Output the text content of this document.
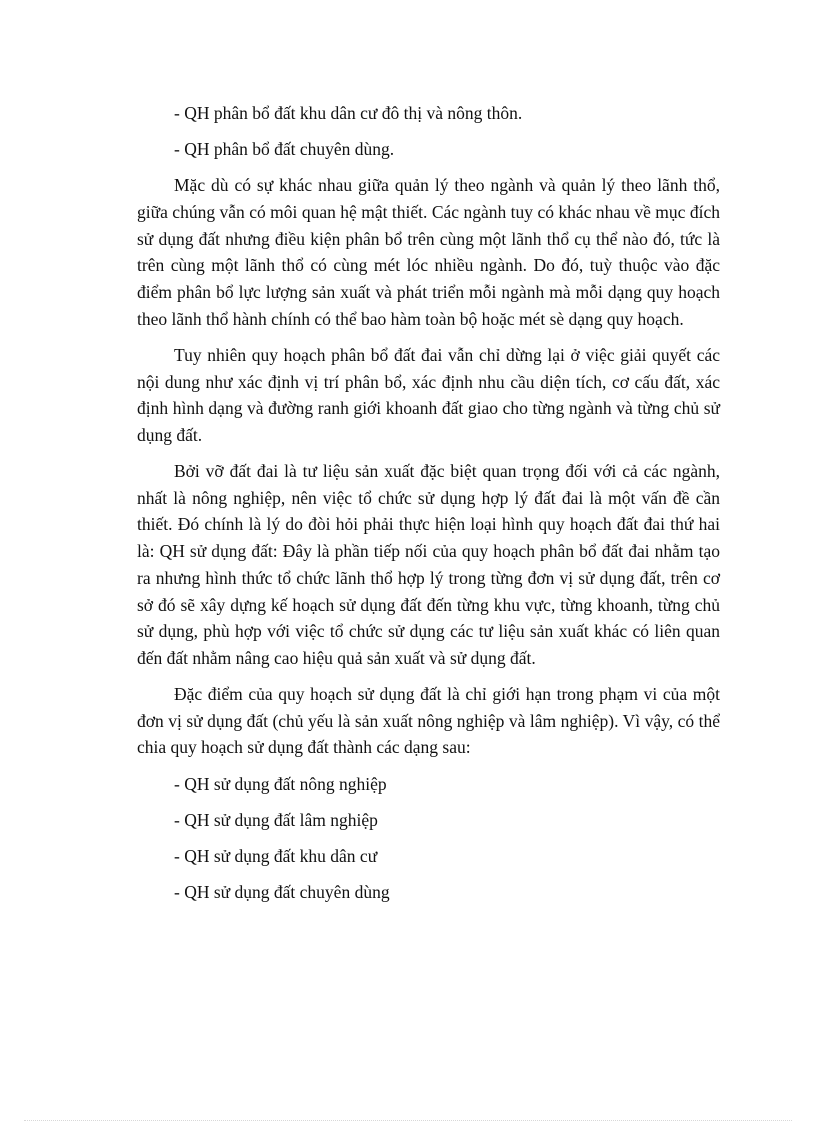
- QH phân bổ đất khu dân cư đô thị và nông thôn.

- QH phân bổ đất chuyên dùng.

Mặc dù có sự khác nhau giữa quản lý theo ngành và quản lý theo lãnh thổ, giữa chúng vẫn có môi quan hệ mật thiết. Các ngành tuy có khác nhau về mục đích sử dụng đất nhưng điều kiện phân bổ trên cùng một lãnh thổ cụ thể nào đó, tức là trên cùng một lãnh thổ có cùng mét lóc nhiều ngành. Do đó, tuỳ thuộc vào đặc điểm phân bổ lực lượng sản xuất và phát triển mỗi ngành mà mỗi dạng quy hoạch theo lãnh thổ hành chính có thể bao hàm toàn bộ hoặc mét sè dạng quy hoạch.

Tuy nhiên quy hoạch phân bổ đất đai vẫn chỉ dừng lại ở việc giải quyết các nội dung như xác định vị trí phân bổ, xác định nhu cầu diện tích, cơ cấu đất, xác định hình dạng và đường ranh giới khoanh đất giao cho từng ngành và từng chủ sử dụng đất.

Bởi vỡ đất đai là tư liệu sản xuất đặc biệt quan trọng đối với cả các ngành, nhất là nông nghiệp, nên việc tổ chức sử dụng hợp lý đất đai là một vấn đề cần thiết. Đó chính là lý do đòi hỏi phải thực hiện loại hình quy hoạch đất đai thứ hai là: QH sử dụng đất: Đây là phần tiếp nối của quy hoạch phân bổ đất đai nhằm tạo ra nhưng hình thức tổ chức lãnh thổ hợp lý trong từng đơn vị sử dụng đất, trên cơ sở đó sẽ xây dựng kế hoạch sử dụng đất đến từng khu vực, từng khoanh, từng chủ sử dụng, phù hợp với việc tổ chức sử dụng các tư liệu sản xuất khác có liên quan đến đất nhằm nâng cao hiệu quả sản xuất và sử dụng đất.

Đặc điểm của quy hoạch sử dụng đất là chỉ giới hạn trong phạm vi của một đơn vị sử dụng đất (chủ yếu là sản xuất nông nghiệp và lâm nghiệp). Vì vậy, có thể chia quy hoạch sử dụng đất thành các dạng sau:

- QH sử dụng đất nông nghiệp

- QH sử dụng đất lâm nghiệp

- QH sử dụng đất khu dân cư

- QH sử dụng đất chuyên dùng
